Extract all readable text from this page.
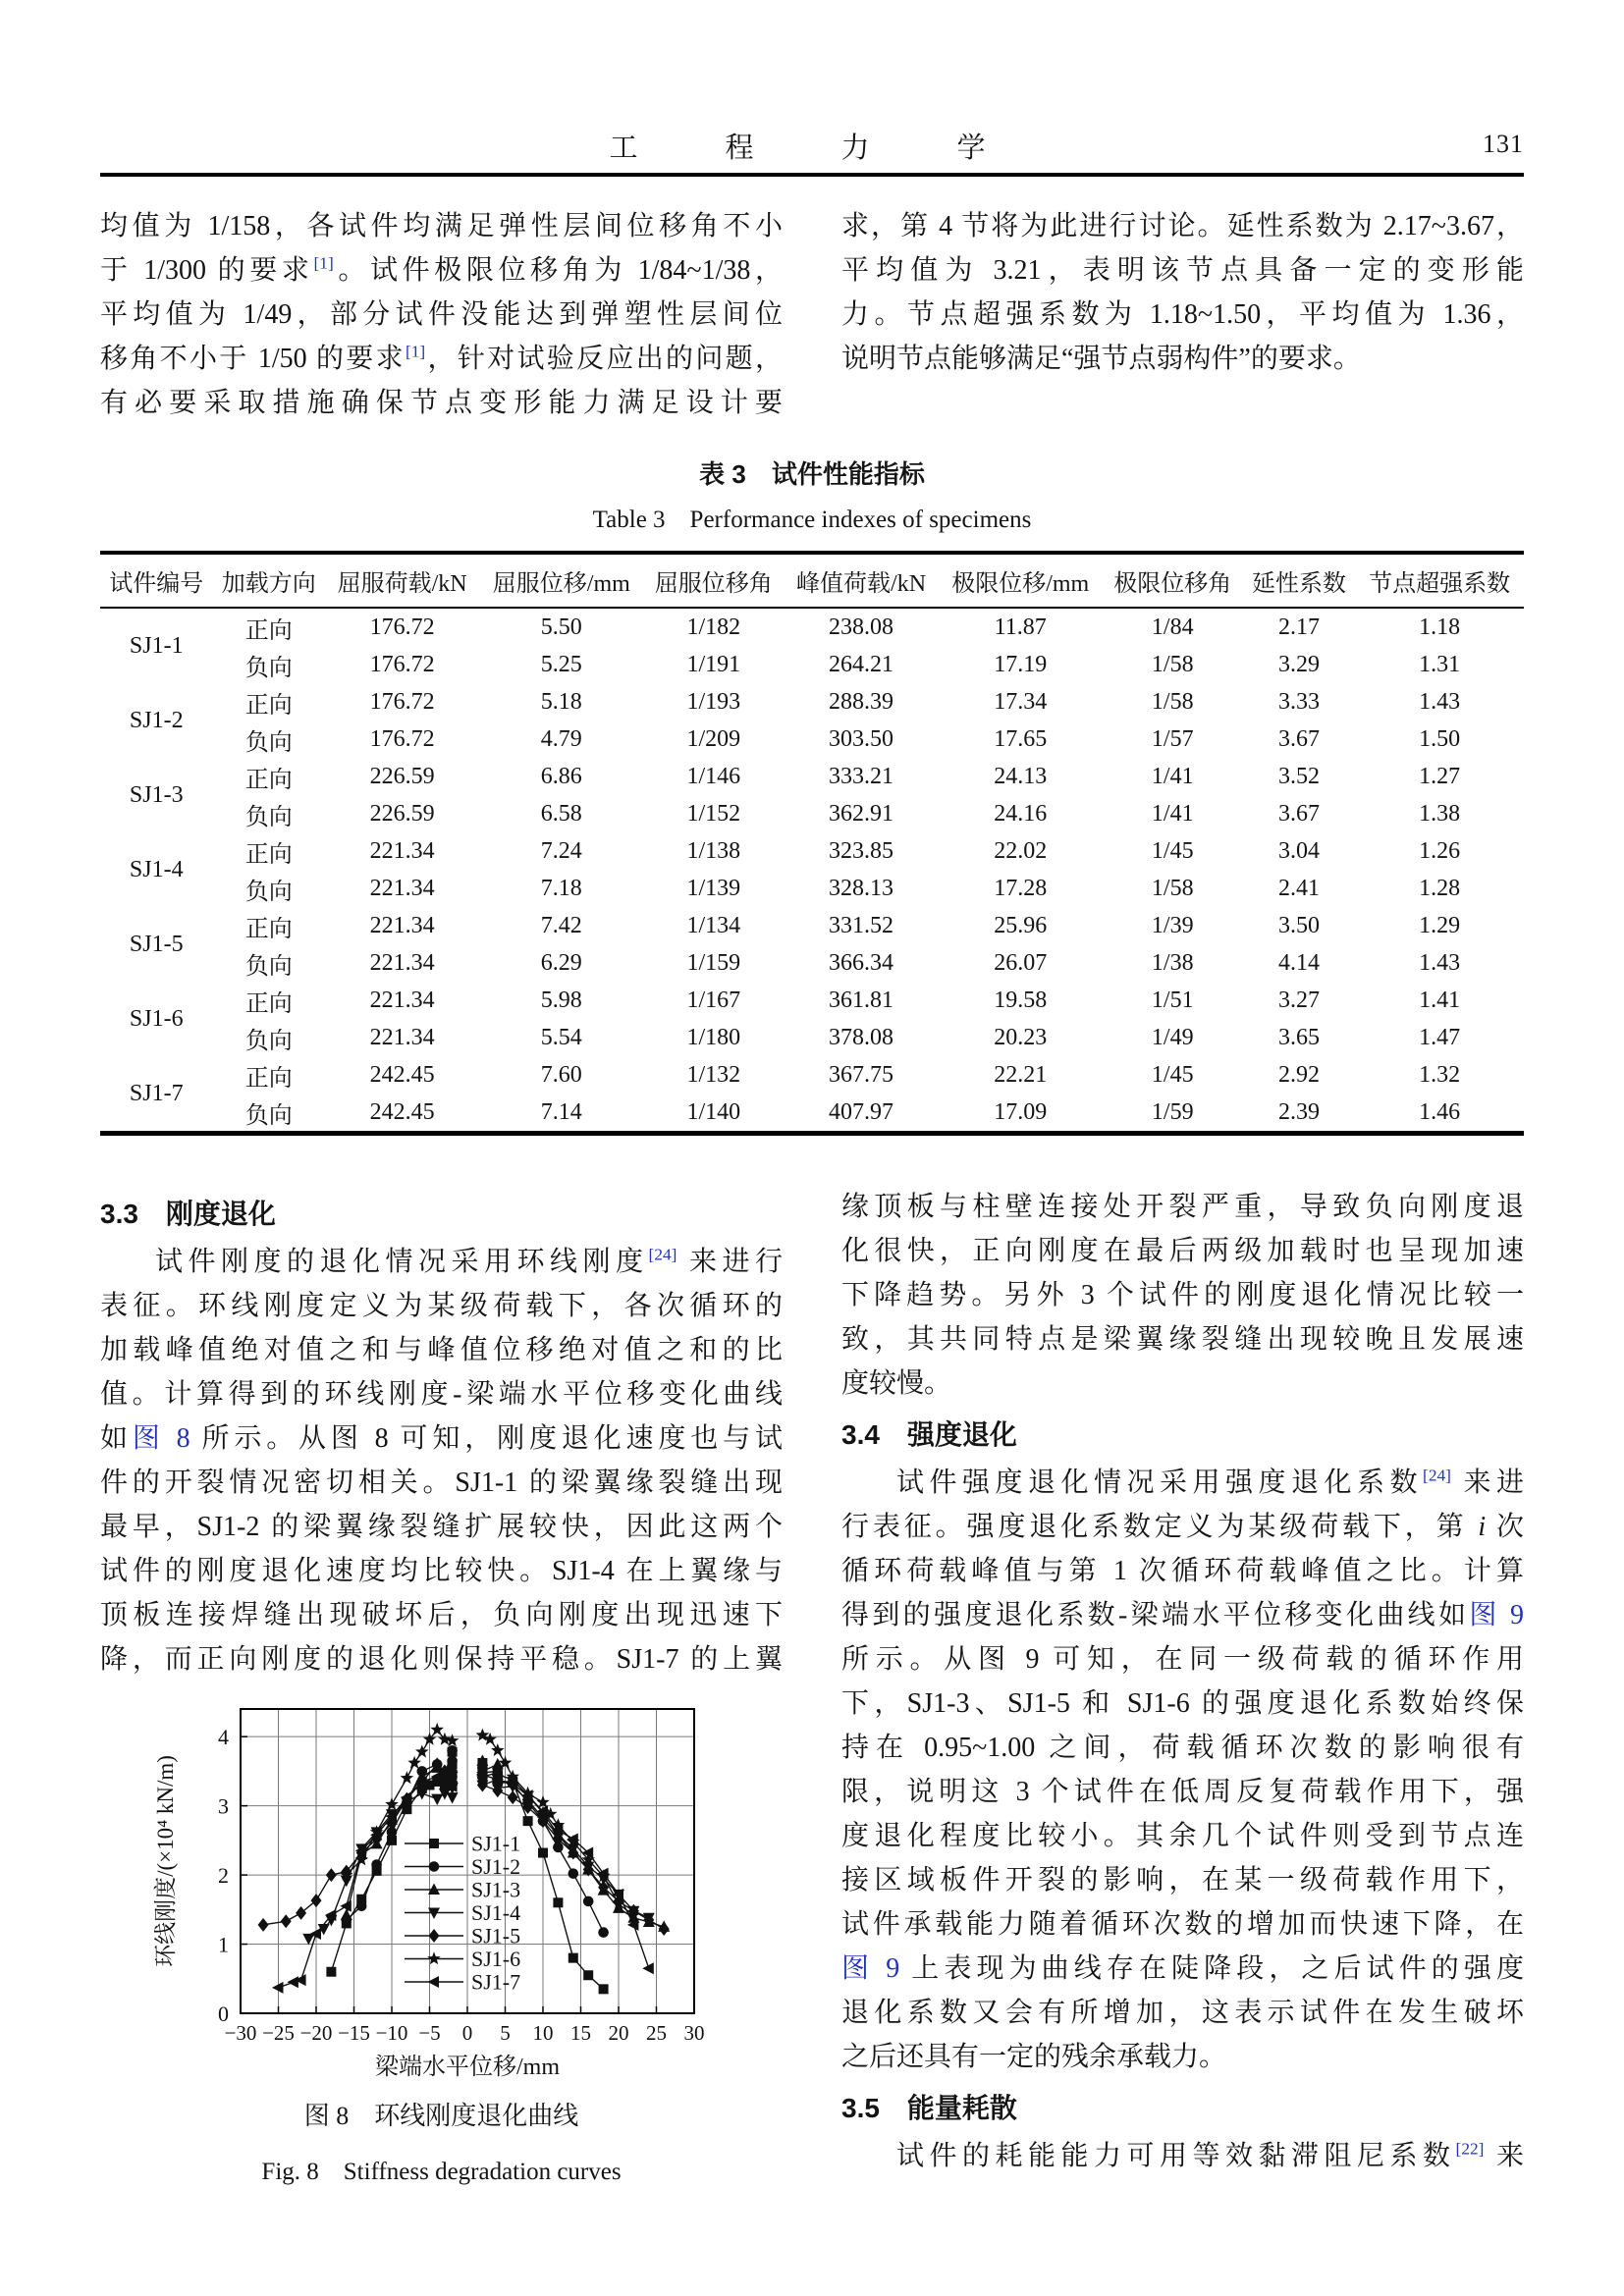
工　程　力　学	131
均值为 1/158，各试件均满足弹性层间位移角不小
于 1/300 的要求[1]。试件极限位移角为 1/84~1/38，
平均值为 1/49，部分试件没能达到弹塑性层间位
移角不小于 1/50 的要求[1]，针对试验反应出的问题，
有必要采取措施确保节点变形能力满足设计要
求，第 4 节将为此进行讨论。延性系数为 2.17~3.67，
平均值为 3.21，表明该节点具备一定的变形能
力。节点超强系数为 1.18~1.50，平均值为 1.36，
说明节点能够满足“强节点弱构件”的要求。
表 3　试件性能指标
Table 3　Performance indexes of specimens
试件编号	加载方向	屈服荷载/kN	屈服位移/mm	屈服位移角	峰值荷载/kN	极限位移/mm	极限位移角	延性系数	节点超强系数
SJ1-1	正向	176.72	5.50	1/182	238.08	11.87	1/84	2.17	1.18
	负向	176.72	5.25	1/191	264.21	17.19	1/58	3.29	1.31
SJ1-2	正向	176.72	5.18	1/193	288.39	17.34	1/58	3.33	1.43
	负向	176.72	4.79	1/209	303.50	17.65	1/57	3.67	1.50
SJ1-3	正向	226.59	6.86	1/146	333.21	24.13	1/41	3.52	1.27
	负向	226.59	6.58	1/152	362.91	24.16	1/41	3.67	1.38
SJ1-4	正向	221.34	7.24	1/138	323.85	22.02	1/45	3.04	1.26
	负向	221.34	7.18	1/139	328.13	17.28	1/58	2.41	1.28
SJ1-5	正向	221.34	7.42	1/134	331.52	25.96	1/39	3.50	1.29
	负向	221.34	6.29	1/159	366.34	26.07	1/38	4.14	1.43
SJ1-6	正向	221.34	5.98	1/167	361.81	19.58	1/51	3.27	1.41
	负向	221.34	5.54	1/180	378.08	20.23	1/49	3.65	1.47
SJ1-7	正向	242.45	7.60	1/132	367.75	22.21	1/45	2.92	1.32
	负向	242.45	7.14	1/140	407.97	17.09	1/59	2.39	1.46
3.3　刚度退化
试件刚度的退化情况采用环线刚度[24] 来进行
表征。环线刚度定义为某级荷载下，各次循环的
加载峰值绝对值之和与峰值位移绝对值之和的比
值。计算得到的环线刚度-梁端水平位移变化曲线
如图 8 所示。从图 8 可知，刚度退化速度也与试
件的开裂情况密切相关。SJ1-1 的梁翼缘裂缝出现
最早，SJ1-2 的梁翼缘裂缝扩展较快，因此这两个
试件的刚度退化速度均比较快。SJ1-4 在上翼缘与
顶板连接焊缝出现破坏后，负向刚度出现迅速下
降，而正向刚度的退化则保持平稳。SJ1-7 的上翼
−30 −25 −20 −15 −10 −5 0 5 10 15 20 25 30
0
1
2
3
4
梁端水平位移/mm
环线刚度/(×10⁴ kN/m)	SJ1-1
SJ1-2
SJ1-3
SJ1-4
SJ1-5
SJ1-6
SJ1-7
图 8　环线刚度退化曲线
Fig. 8　Stiffness degradation curves
缘顶板与柱壁连接处开裂严重，导致负向刚度退
化很快，正向刚度在最后两级加载时也呈现加速
下降趋势。另外 3 个试件的刚度退化情况比较一
致，其共同特点是梁翼缘裂缝出现较晚且发展速
度较慢。
3.4　强度退化
试件强度退化情况采用强度退化系数[24] 来进
行表征。强度退化系数定义为某级荷载下，第 i 次
循环荷载峰值与第 1 次循环荷载峰值之比。计算
得到的强度退化系数-梁端水平位移变化曲线如图 9
所示。从图 9 可知，在同一级荷载的循环作用
下，SJ1-3、SJ1-5 和 SJ1-6 的强度退化系数始终保
持在 0.95~1.00 之间，荷载循环次数的影响很有
限，说明这 3 个试件在低周反复荷载作用下，强
度退化程度比较小。其余几个试件则受到节点连
接区域板件开裂的影响，在某一级荷载作用下，
试件承载能力随着循环次数的增加而快速下降，在
图 9 上表现为曲线存在陡降段，之后试件的强度
退化系数又会有所增加，这表示试件在发生破坏
之后还具有一定的残余承载力。
3.5　能量耗散
试件的耗能能力可用等效黏滞阻尼系数[22] 来
